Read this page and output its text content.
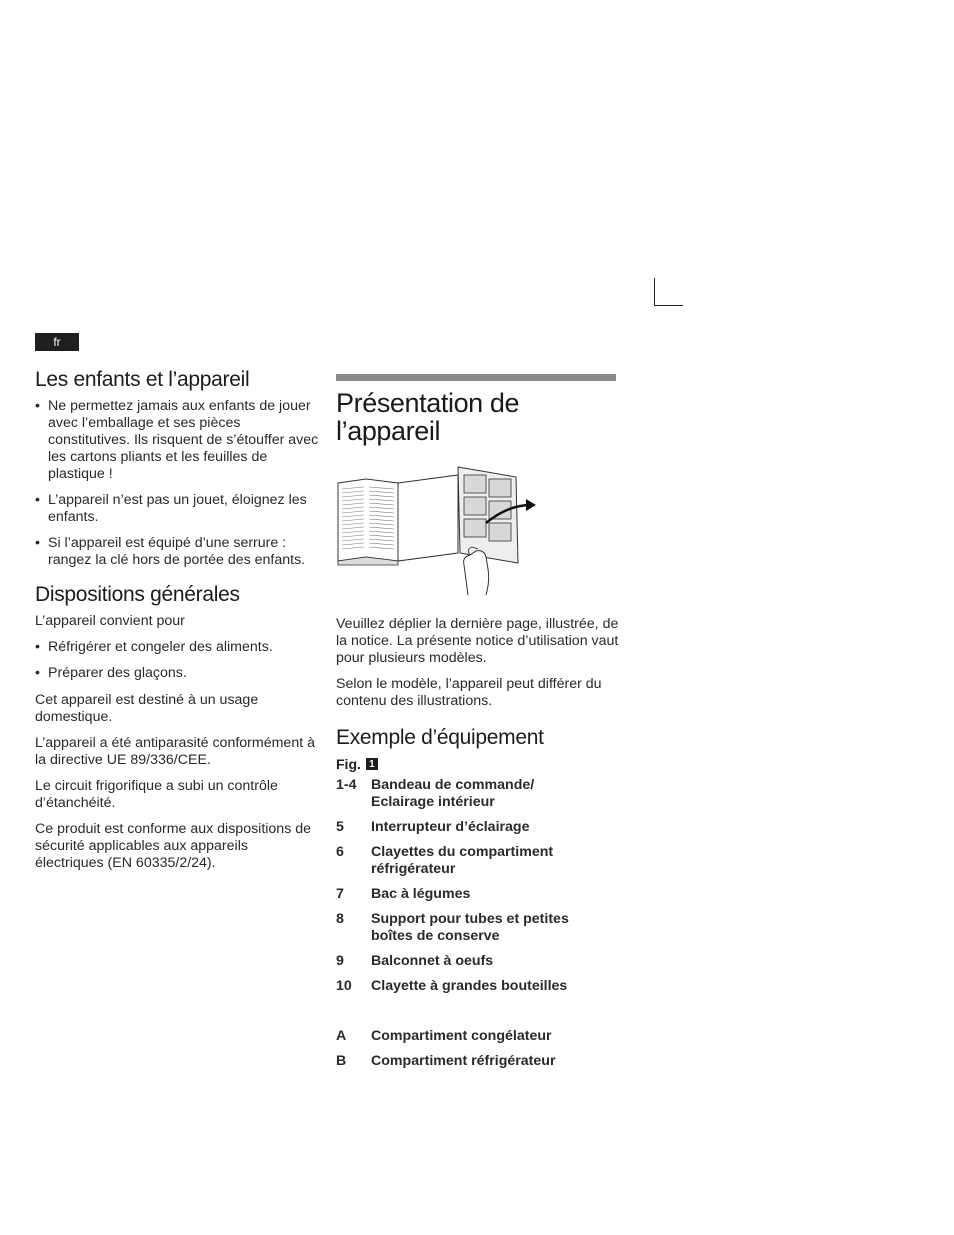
fr
Les enfants et l’appareil
• Ne permettez jamais aux enfants de jouer avec l’emballage et ses pièces constitutives. Ils risquent de s’étouffer avec les cartons pliants et les feuilles de plastique !
• L’appareil n’est pas un jouet, éloignez les enfants.
• Si l’appareil est équipé d’une serrure : rangez la clé hors de portée des enfants.
Dispositions générales

L’appareil convient pour

• Réfrigérer et congeler des aliments.
• Préparer des glaçons.

Cet appareil est destiné à un usage domestique.

L’appareil a été antiparasité conformément à la directive UE 89/336/CEE.

Le circuit frigorifique a subi un contrôle d’étanchéité.

Ce produit est conforme aux dispositions de sécurité applicables aux appareils électriques (EN 60335/2/24).

Présentation de
l’appareil

Veuillez déplier la dernière page, illustrée, de la notice. La présente notice d’utilisation vaut pour plusieurs modèles.

Selon le modèle, l’appareil peut différer du contenu des illustrations.

Exemple d’équipement
Fig. 1
1-4	Bandeau de commande/
Eclairage intérieur
5	Interrupteur d’éclairage
6	Clayettes du compartiment
réfrigérateur
7	Bac à légumes
8	Support pour tubes et petites
boîtes de conserve
9	Balconnet à oeufs
10	Clayette à grandes bouteilles
A	Compartiment congélateur
B	Compartiment réfrigérateur
